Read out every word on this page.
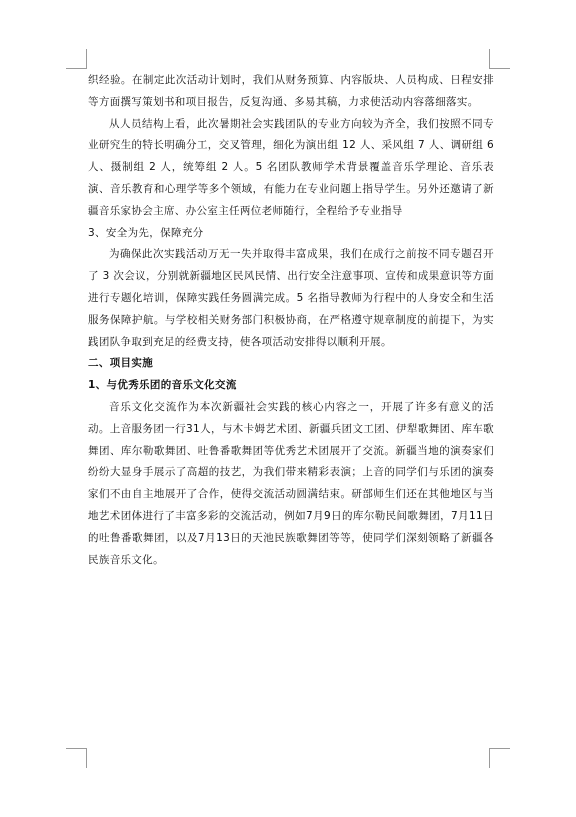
织经验。在制定此次活动计划时，我们从财务预算、内容版块、人员构成、日程安排等方面撰写策划书和项目报告，反复沟通、多易其稿，力求使活动内容落细落实。

从人员结构上看，此次暑期社会实践团队的专业方向较为齐全，我们按照不同专业研究生的特长明确分工，交叉管理，细化为演出组 12 人、采风组 7 人、调研组 6 人、摄制组 2 人，统筹组 2 人。5 名团队教师学术背景覆盖音乐学理论、音乐表演、音乐教育和心理学等多个领域，有能力在专业问题上指导学生。另外还邀请了新疆音乐家协会主席、办公室主任两位老师随行，全程给予专业指导

3、安全为先，保障充分

为确保此次实践活动万无一失并取得丰富成果，我们在成行之前按不同专题召开了 3 次会议，分别就新疆地区民风民情、出行安全注意事项、宣传和成果意识等方面进行专题化培训，保障实践任务圆满完成。5 名指导教师为行程中的人身安全和生活服务保障护航。与学校相关财务部门积极协商，在严格遵守规章制度的前提下，为实践团队争取到充足的经费支持，使各项活动安排得以顺利开展。

二、项目实施

1、与优秀乐团的音乐文化交流

音乐文化交流作为本次新疆社会实践的核心内容之一，开展了许多有意义的活动。上音服务团一行31人，与木卡姆艺术团、新疆兵团文工团、伊犁歌舞团、库车歌舞团、库尔勒歌舞团、吐鲁番歌舞团等优秀艺术团展开了交流。新疆当地的演奏家们纷纷大显身手展示了高超的技艺，为我们带来精彩表演；上音的同学们与乐团的演奏家们不由自主地展开了合作，使得交流活动圆满结束。研部师生们还在其他地区与当地艺术团体进行了丰富多彩的交流活动，例如7月9日的库尔勒民间歌舞团，7月11日的吐鲁番歌舞团，以及7月13日的天池民族歌舞团等等，使同学们深刻领略了新疆各民族音乐文化。
